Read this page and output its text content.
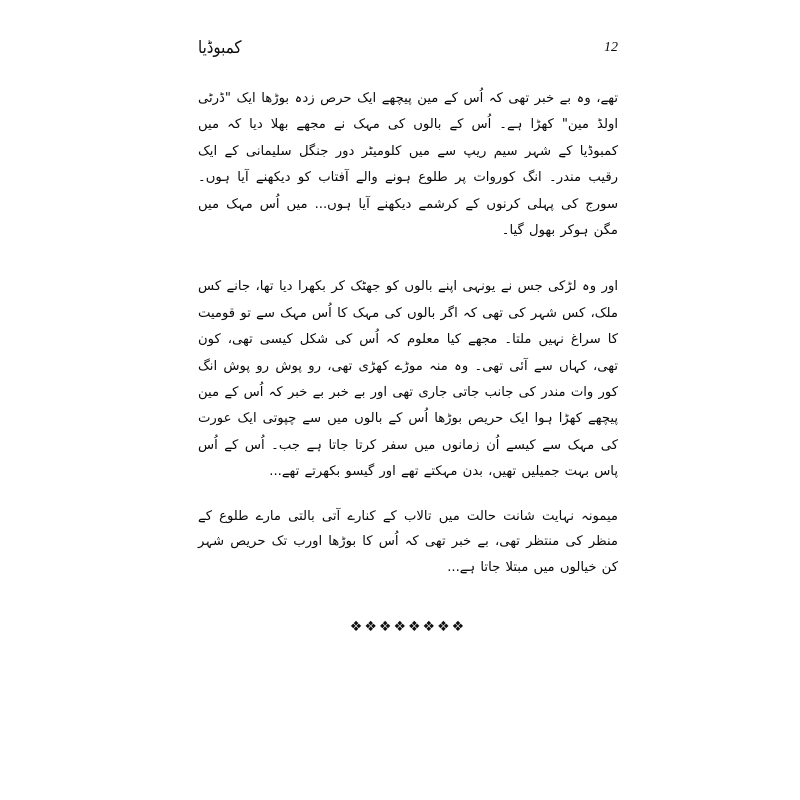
کمبوڈیا	12

تھے، وہ بے خبر تھی کہ اُس کے مین پیچھے ایک حرص زدہ بوڑھا ایک "ڈرٹی اولڈ مین" کھڑا ہے۔ اُس کے بالوں کی مہک نے مجھے بھلا دیا کہ میں کمبوڈیا کے شہر سیم ریپ سے میں کلومیٹر دور جنگل سلیمانی کے ایک رقیب مندر۔ انگ کوروات پر طلوع ہونے والے آفتاب کو دیکھنے آیا ہوں۔ سورج کی پہلی کرنوں کے کرشمے دیکھنے آیا ہوں... میں اُس مہک میں مگن ہوکر بھول گیا۔

اور وہ لڑکی جس نے یونہی اپنے بالوں کو جھٹک کر بکھرا دیا تھا، جانے کس ملک، کس شہر کی تھی کہ اگر بالوں کی مہک کا اُس مہک سے تو قومیت کا سراغ نہیں ملتا۔ مجھے کیا معلوم کہ اُس کی شکل کیسی تھی، کون تھی، کہاں سے آئی تھی۔ وہ منہ موڑے کھڑی تھی، رو پوش رو پوش انگ کور وات مندر کی جانب جاتی جاری تھی اور بے خبر بے خبر کہ اُس کے مین پیچھے کھڑا ہوا ایک حریص بوڑھا اُس کے بالوں میں سے چپوتی ایک عورت کی مہک سے کیسے اُن زمانوں میں سفر کرتا جاتا ہے جب۔ اُس کے اُس پاس بہت جمیلیں تھیں، بدن مہکتے تھے اور گیسو بکھرتے تھے...

میمونہ نہایت شانت حالت میں تالاب کے کنارے آتی بالتی مارے طلوع کے منظر کی منتظر تھی، بے خبر تھی کہ اُس کا بوڑھا اورب تک حریص شہر کن خیالوں میں مبتلا جاتا ہے...

❖❖❖❖❖❖❖❖
